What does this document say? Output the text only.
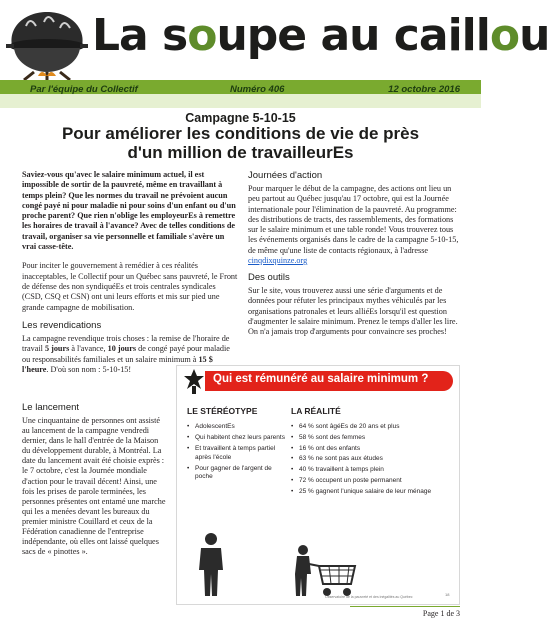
La soupe au caillou
Par l'équipe du Collectif	Numéro 406	12 octobre 2016
Campagne 5-10-15
Pour améliorer les conditions de vie de près
d'un million de travailleurEs

Saviez-vous qu'avec le salaire minimum actuel, il est impossible de sortir de la pauvreté, même en travaillant à temps plein? Que les normes du travail ne prévoient aucun congé payé ni pour maladie ni pour soins d'un enfant ou d'un proche parent? Que rien n'oblige les employeurEs à remettre les horaires de travail à l'avance? Avec de telles conditions de travail, organiser sa vie personnelle et familiale s'avère un vrai casse-tête.

Pour inciter le gouvernement à remédier à ces réalités inacceptables, le Collectif pour un Québec sans pauvreté, le Front de défense des non syndiquéEs et trois centrales syndicales (CSD, CSQ et CSN) ont uni leurs efforts et mis sur pied une grande campagne de mobilisation.

Les revendications
La campagne revendique trois choses : la remise de l'horaire de travail 5 jours à l'avance, 10 jours de congé payé pour maladie ou responsabilités familiales et un salaire minimum à 15 $ l'heure. D'où son nom : 5-10-15!
Le lancement
Une cinquantaine de personnes ont assisté au lancement de la campagne vendredi dernier, dans le hall d'entrée de la Maison du développement durable, à Montréal. La date du lancement avait été choisie exprès : le 7 octobre, c'est la Journée mondiale d'action pour le travail décent! Ainsi, une fois les prises de parole terminées, les personnes présentes ont entamé une marche qui les a menées devant les bureaux du premier ministre Couillard et ceux de la Fédération canadienne de l'entreprise indépendante, où elles ont laissé quelques sacs de « pinottes ».
Journées d'action
Pour marquer le début de la campagne, des actions ont lieu un peu partout au Québec jusqu'au 17 octobre, qui est la Journée internationale pour l'élimination de la pauvreté. Au programme: des distributions de tracts, des rassemblements, des formations sur le salaire minimum et une table ronde! Vous trouverez tous les événements organisés dans le cadre de la campagne 5-10-15, de même qu'une liste de contacts régionaux, à l'adresse cinqdixquinze.org
Des outils
Sur le site, vous trouverez aussi une série d'arguments et de données pour réfuter les principaux mythes véhiculés par les organisations patronales et leurs alliéEs lorsqu'il est question d'augmenter le salaire minimum. Prenez le temps d'aller les lire. On n'a jamais trop d'arguments pour convaincre ses proches!
Qui est rémunéré au salaire minimum ?
LE STÉRÉOTYPE
• AdolescentEs
• Qui habitent chez leurs parents
• Et travaillent à temps partiel après l'école
• Pour gagner de l'argent de poche
LA RÉALITÉ
• 64 % sont âgéEs de 20 ans et plus
• 58 % sont des femmes
• 16 % ont des enfants
• 63 % ne sont pas aux études
• 40 % travaillent à temps plein
• 72 % occupent un poste permanent
• 25 % gagnent l'unique salaire de leur ménage
Observatoire de la pauvreté et des inégalités au Québec	18
Page 1 de 3
